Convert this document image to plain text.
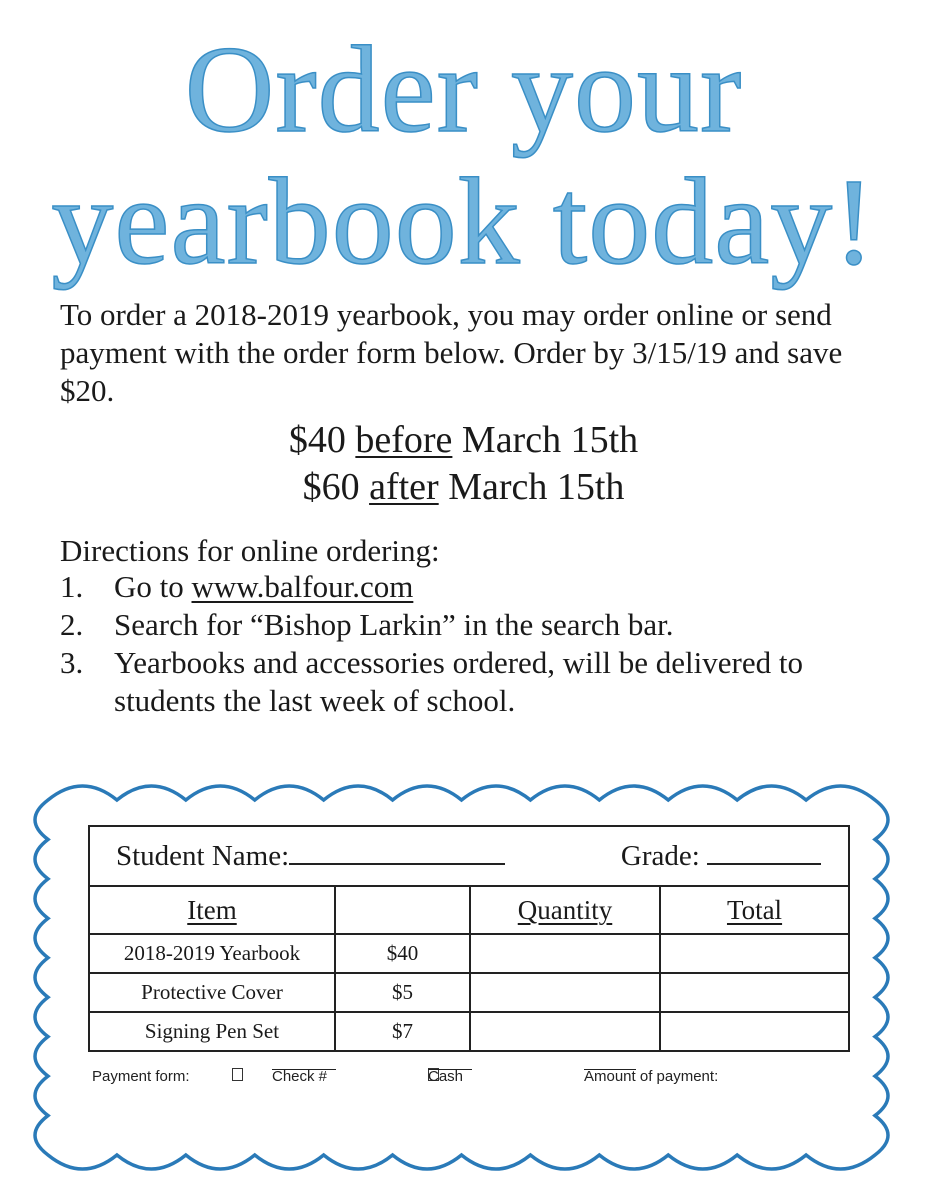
Order your
yearbook today!

To order a 2018-2019 yearbook, you may order online or send payment with the order form below. Order by 3/15/19 and save $20.

$40 before March 15th
$60 after March 15th
Directions for online ordering:
1. Go to www.balfour.com
2. Search for “Bishop Larkin” in the search bar.
3. Yearbooks and accessories ordered, will be delivered to students the last week of school.
Student Name: Grade:			

Item		Quantity	Total
2018-2019 Yearbook	$40		
Protective Cover	$5		
Signing Pen Set	$7		
Payment form:	Check #	Cash	Amount of payment:
